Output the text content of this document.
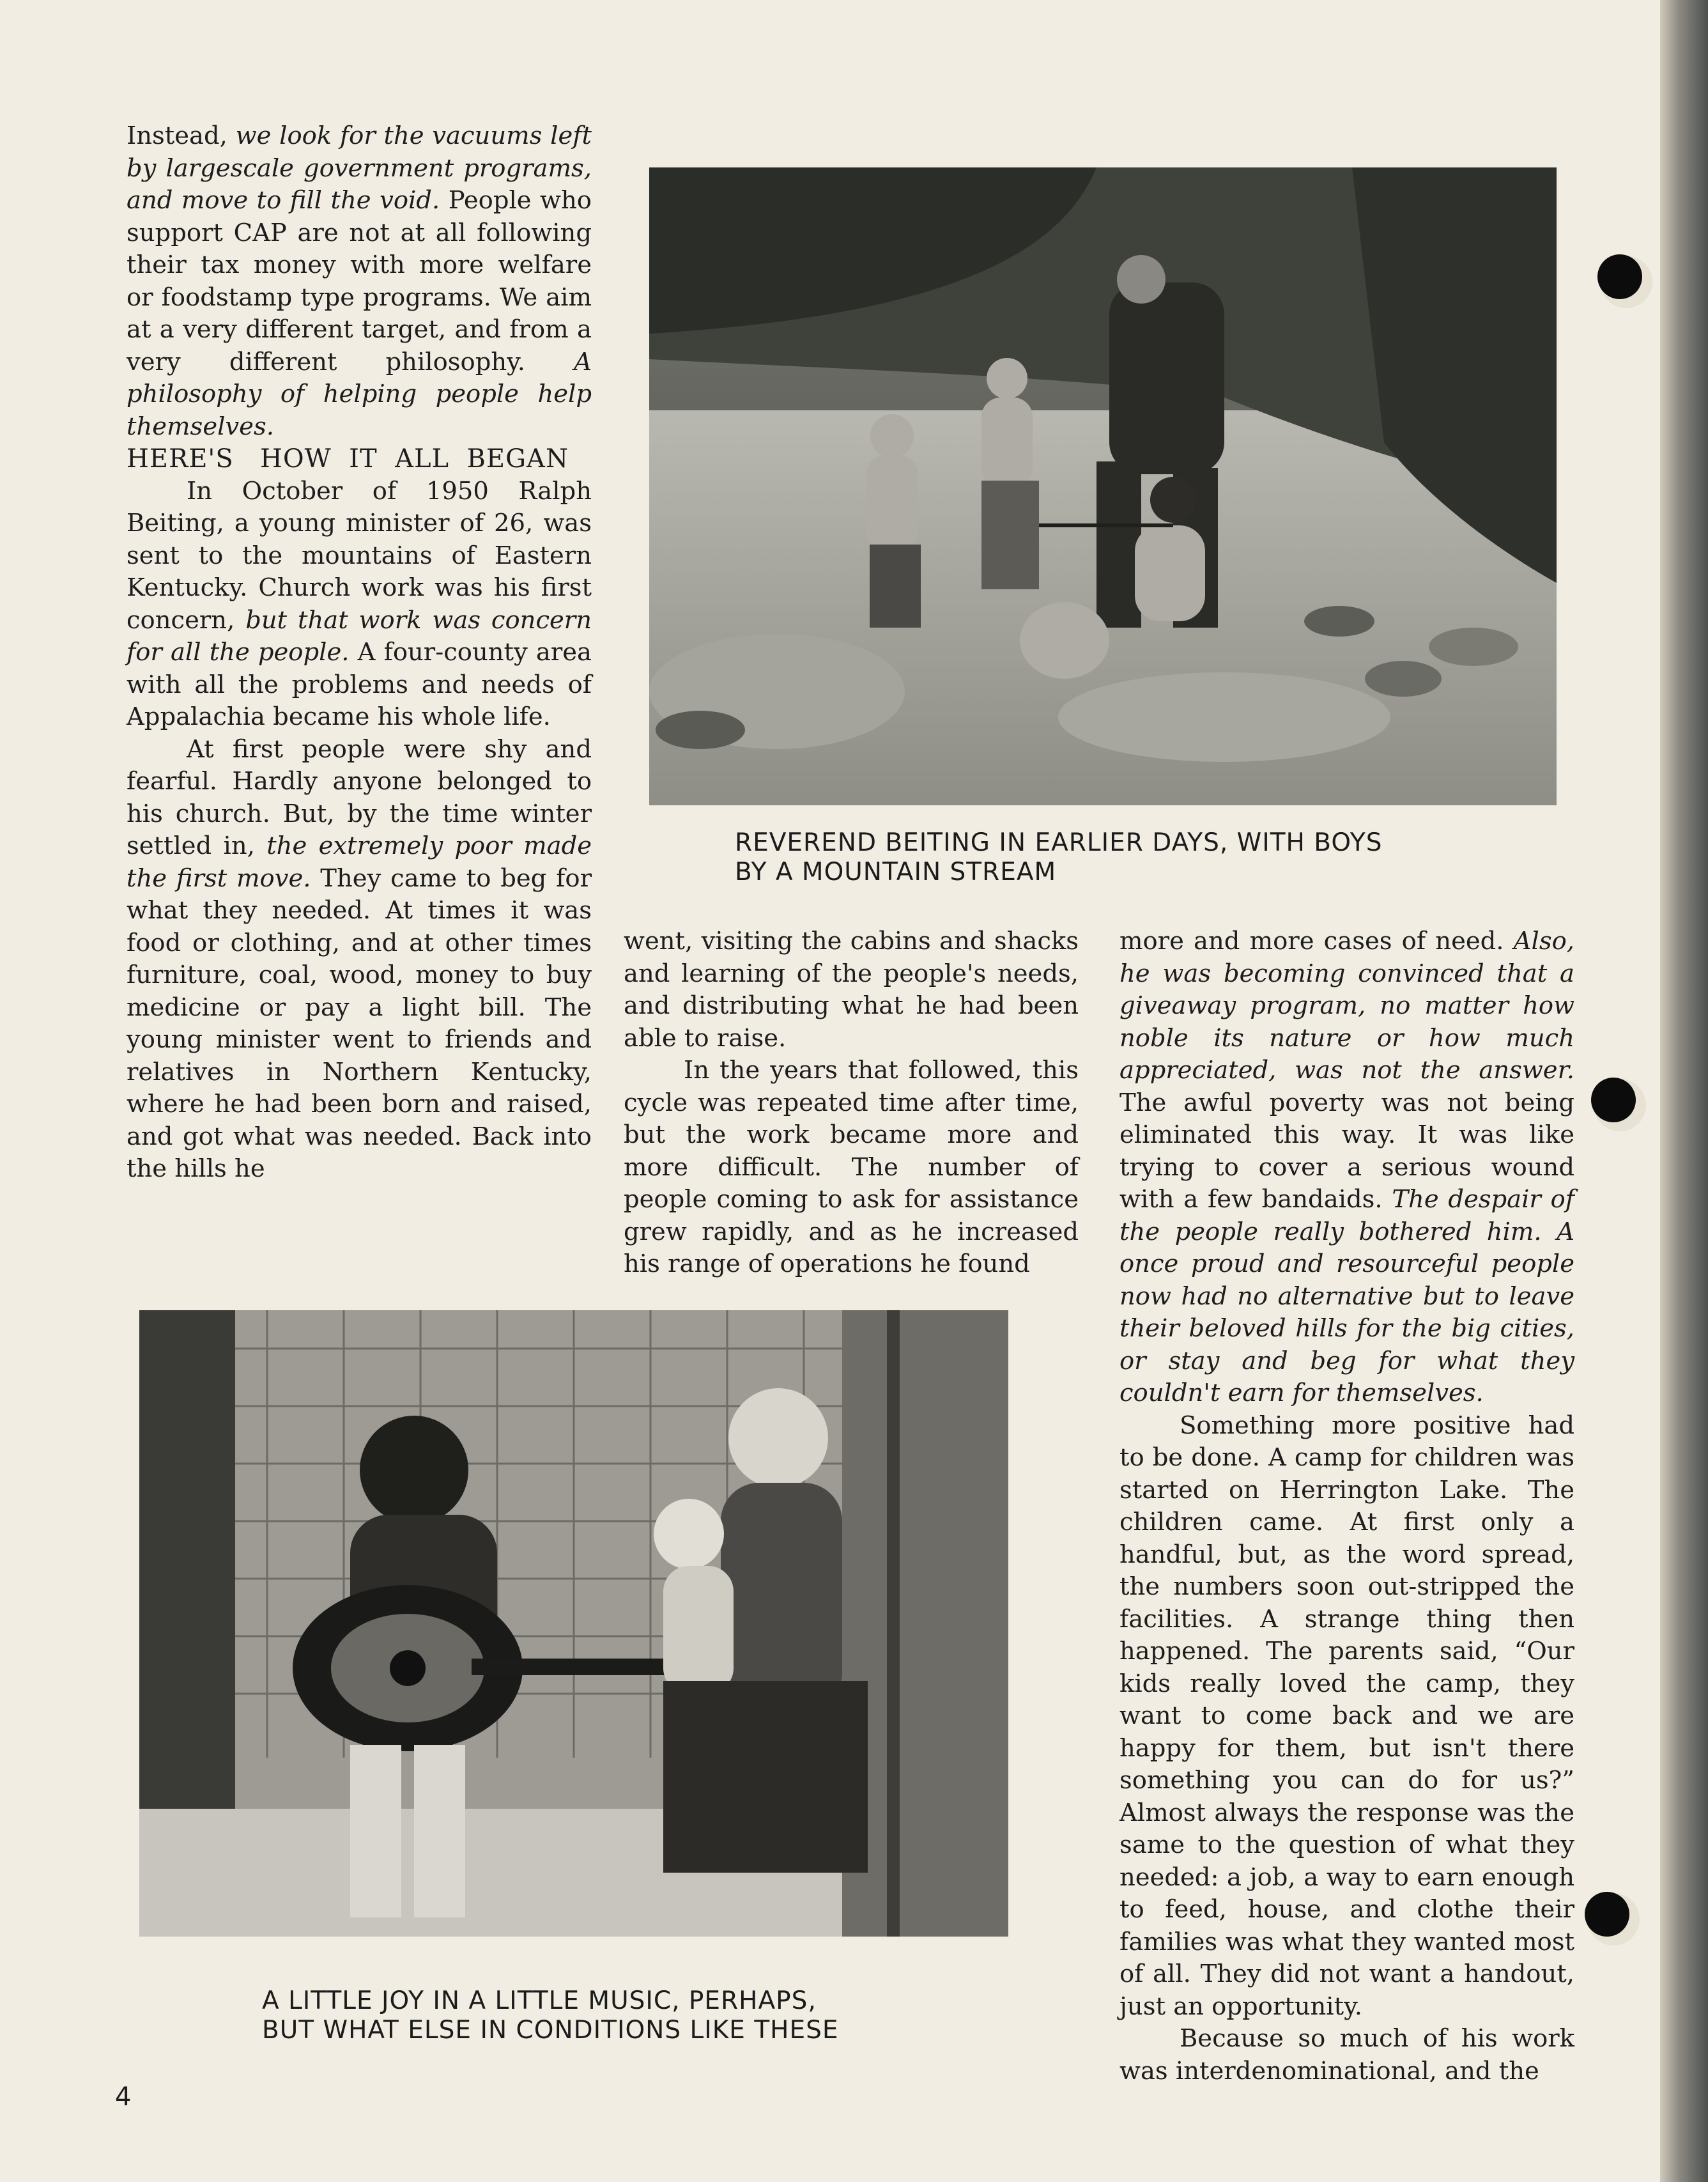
Instead, we look for the vacuums left by largescale government programs, and move to fill the void. People who support CAP are not at all following their tax money with more welfare or foodstamp type programs. We aim at a very different target, and from a very different philosophy. A philosophy of helping people help themselves.

HERE'S   HOW  IT  ALL  BEGAN

In October of 1950 Ralph Beiting, a young minister of 26, was sent to the mountains of Eastern Kentucky. Church work was his first concern, but that work was concern for all the people. A four-county area with all the problems and needs of Appalachia became his whole life.

At first people were shy and fearful. Hardly anyone belonged to his church. But, by the time winter settled in, the extremely poor made the first move. They came to beg for what they needed. At times it was food or clothing, and at other times furniture, coal, wood, money to buy medicine or pay a light bill. The young minister went to friends and relatives in Northern Kentucky, where he had been born and raised, and got what was needed. Back into the hills he

REVEREND BEITING IN EARLIER DAYS, WITH BOYS
BY A MOUNTAIN STREAM

went, visiting the cabins and shacks and learning of the people's needs, and distributing what he had been able to raise.

In the years that followed, this cycle was repeated time after time, but the work became more and more difficult. The number of people coming to ask for assistance grew rapidly, and as he increased his range of operations he found

more and more cases of need. Also, he was becoming convinced that a giveaway program, no matter how noble its nature or how much appreciated, was not the answer. The awful poverty was not being eliminated this way. It was like trying to cover a serious wound with a few bandaids. The despair of the people really bothered him. A once proud and resourceful people now had no alternative but to leave their beloved hills for the big cities, or stay and beg for what they couldn't earn for themselves.

Something more positive had to be done. A camp for children was started on Herrington Lake. The children came. At first only a handful, but, as the word spread, the numbers soon out-stripped the facilities. A strange thing then happened. The parents said, “Our kids really loved the camp, they want to come back and we are happy for them, but isn't there something you can do for us?” Almost always the response was the same to the question of what they needed: a job, a way to earn enough to feed, house, and clothe their families was what they wanted most of all. They did not want a handout, just an opportunity.

Because so much of his work was interdenominational, and the

A LITTLE JOY IN A LITTLE MUSIC, PERHAPS,
BUT WHAT ELSE IN CONDITIONS LIKE THESE
4
